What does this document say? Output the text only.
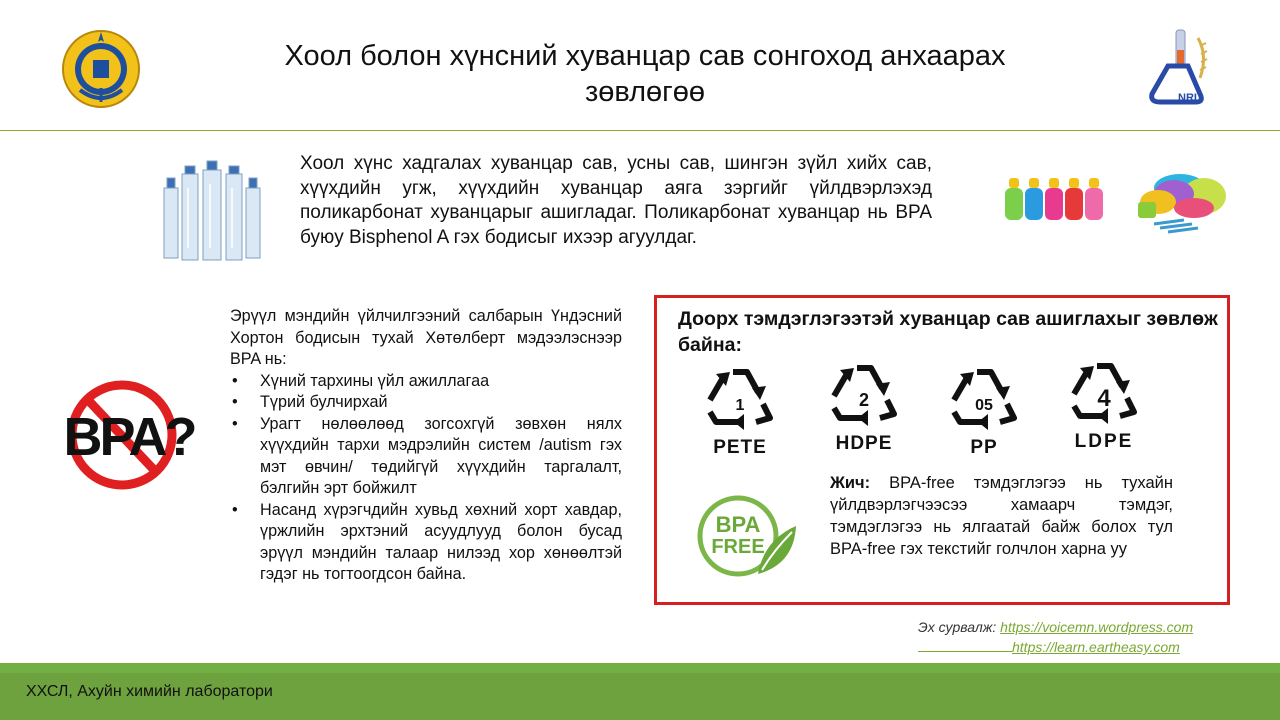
Хоол болон хүнсний хуванцар сав сонгоход анхаарах зөвлөгөө	NRL
Хоол хүнс хадгалах хуванцар сав, усны сав, шингэн зүйл хийх сав, хүүхдийн угж, хүүхдийн хуванцар аяга зэргийг үйлдвэрлэхэд поликарбонат хуванцарыг ашигладаг. Поликарбонат хуванцар нь BPA буюу Bisphenol A гэх бодисыг ихээр агуулдаг.
BPA?
Эрүүл мэндийн үйлчилгээний салбарын Үндэсний Хортон бодисын тухай Хөтөлберт мэдээлэснээр BPA нь:
• Хүний тархины үйл ажиллагаа
• Түрий булчирхай
• Урагт нөлөөлөөд зогсохгүй зөвхөн нялх хүүхдийн тархи мэдрэлийн систем /autism гэх мэт өвчин/ төдийгүй хүүхдийн таргалалт, бэлгийн эрт бойжилт
• Насанд хүрэгчдийн хувьд хөхний хорт хавдар, үржлийн эрхтэний асуудлууд болон бусад эрүүл мэндийн талаар нилээд хор хөнөөлтэй гэдэг нь тогтоогдсон байна.
Доорх тэмдэглэгээтэй хуванцар сав ашиглахыг зөвлөж байна:
1
PETE
2
HDPE
05
PP
4
LDPE
BPA
FREE
Жич: BPA-free тэмдэглэгээ нь тухайн үйлдвэрлэгчээсээ хамаарч тэмдэг, тэмдэглэгээ нь ялгаатай байж болох тул BPA-free гэх текстийг голчлон харна уу
Эх сурвалж: https://voicemn.wordpress.com
https://learn.eartheasy.com
ХХСЛ, Ахуйн химийн лаборатори
